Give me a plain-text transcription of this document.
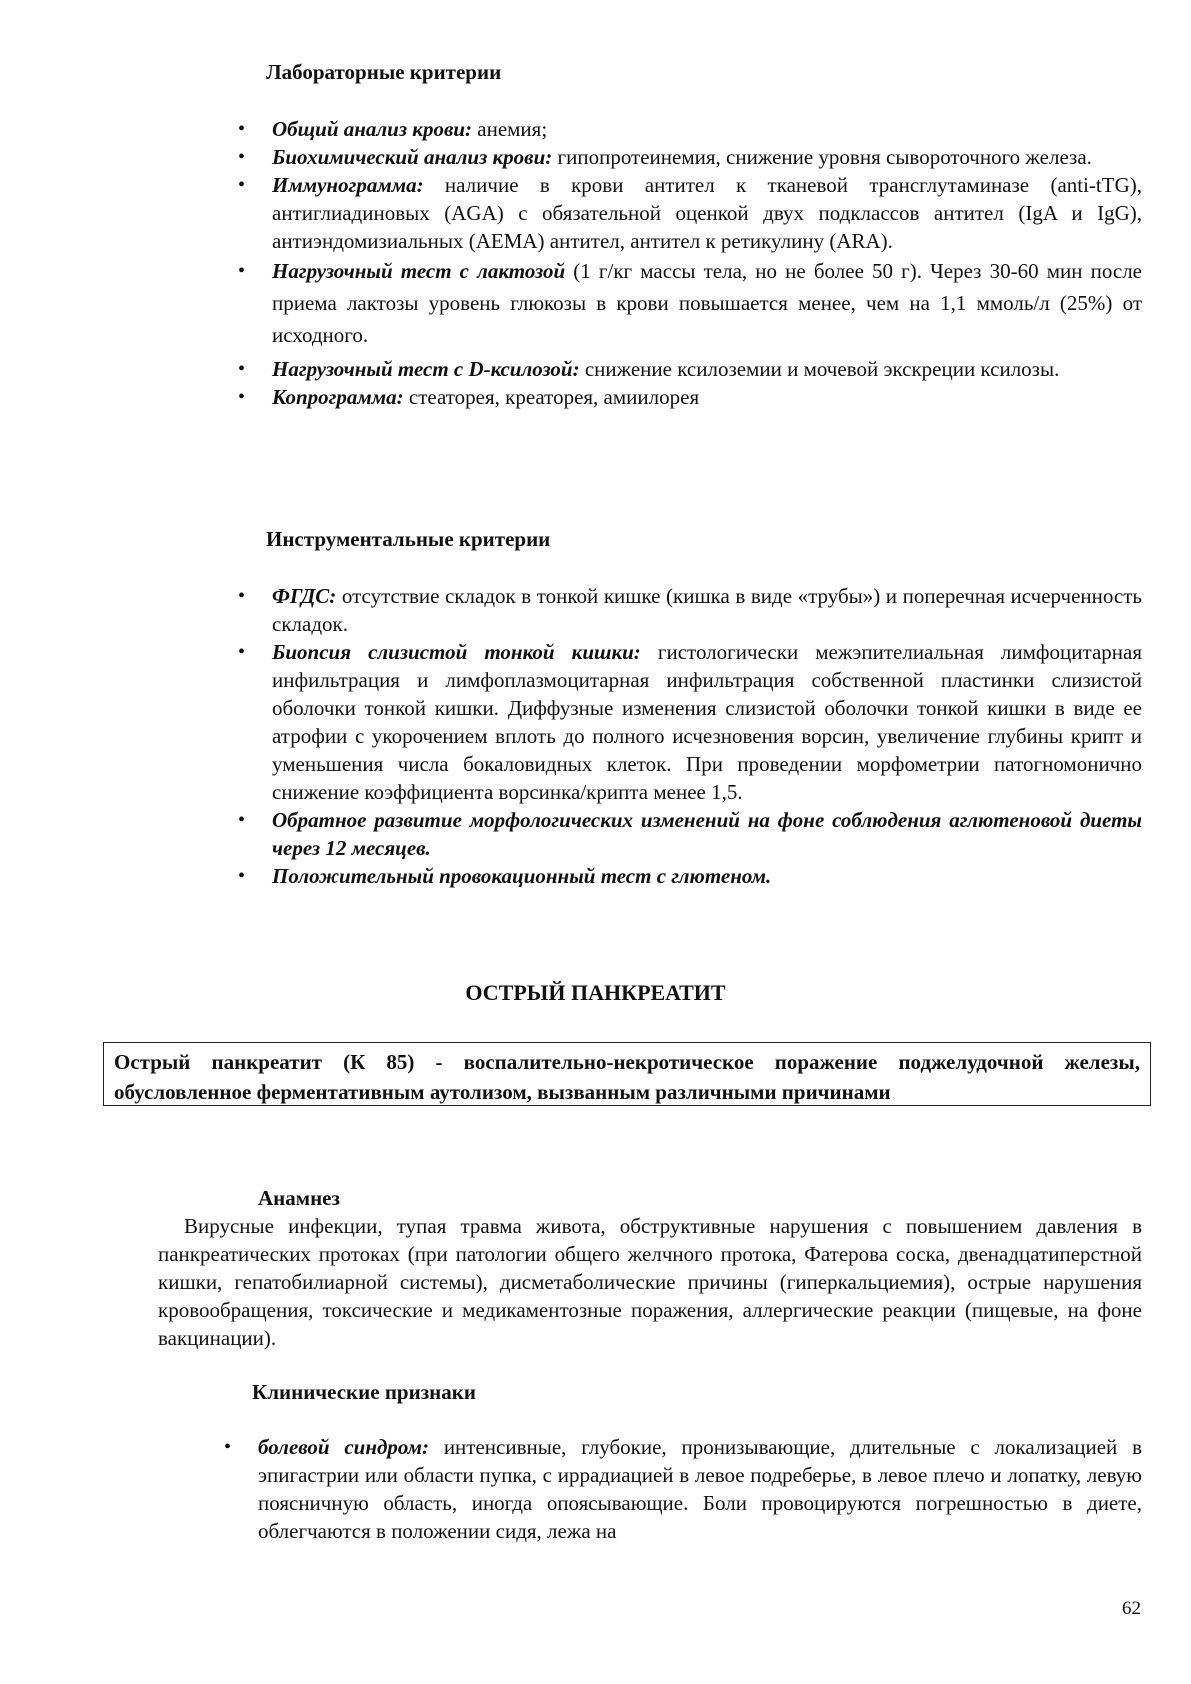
Лабораторные критерии
• Общий анализ крови: анемия;
• Биохимический анализ крови: гипопротеинемия, снижение уровня сывороточного железа.
• Иммунограмма: наличие в крови антител к тканевой трансглутаминазе (anti-tTG), антиглиадиновых (AGA) с обязательной оценкой двух подклассов антител (IgA и IgG), антиэндомизиальных (AEMA) антител, антител к ретикулину (ARA).
• Нагрузочный тест с лактозой (1 г/кг массы тела, но не более 50 г). Через 30-60 мин после приема лактозы уровень глюкозы в крови повышается менее, чем на 1,1 ммоль/л (25%) от исходного.
• Нагрузочный тест с D-ксилозой: снижение ксилоземии и мочевой экскреции ксилозы.
• Копрограмма: стеаторея, креаторея, амиилорея
Инструментальные критерии
• ФГДС: отсутствие складок в тонкой кишке (кишка в виде «трубы») и поперечная исчерченность складок.
• Биопсия слизистой тонкой кишки: гистологически межэпителиальная лимфоцитарная инфильтрация и лимфоплазмоцитарная инфильтрация собственной пластинки слизистой оболочки тонкой кишки. Диффузные изменения слизистой оболочки тонкой кишки в виде ее атрофии с укорочением вплоть до полного исчезновения ворсин, увеличение глубины крипт и уменьшения числа бокаловидных клеток. При проведении морфометрии патогномонично снижение коэффициента ворсинка/крипта менее 1,5.
• Обратное развитие морфологических изменений на фоне соблюдения аглютеновой диеты через 12 месяцев.
• Положительный провокационный тест с глютеном.
ОСТРЫЙ ПАНКРЕАТИТ
Острый панкреатит (К 85) - воспалительно-некротическое поражение поджелудочной железы, обусловленное ферментативным аутолизом, вызванным различными причинами
Анамнез
Вирусные инфекции, тупая травма живота, обструктивные нарушения с повышением давления в панкреатических протоках (при патологии общего желчного протока, Фатерова соска, двенадцатиперстной кишки, гепатобилиарной системы), дисметаболические причины (гиперкальциемия), острые нарушения кровообращения, токсические и медикаментозные поражения, аллергические реакции (пищевые, на фоне вакцинации).
Клинические признаки
• болевой синдром: интенсивные, глубокие, пронизывающие, длительные с локализацией в эпигастрии или области пупка, с иррадиацией в левое подреберье, в левое плечо и лопатку, левую поясничную область, иногда опоясывающие. Боли провоцируются погрешностью в диете, облегчаются в положении сидя, лежа на
62
